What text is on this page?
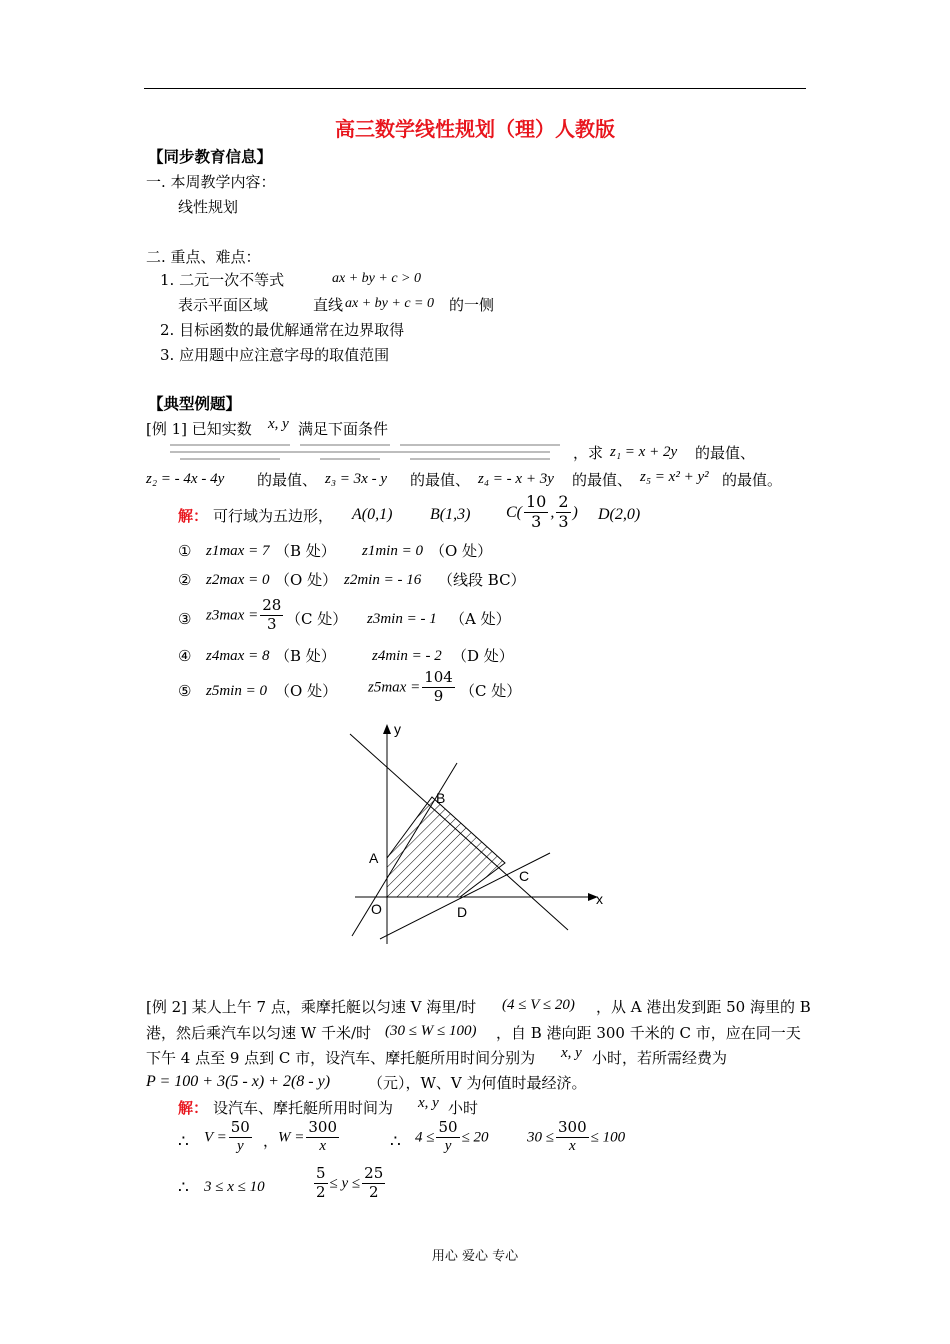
高三数学线性规划（理）人教版
【同步教育信息】
一. 本周教学内容：
线性规划
二. 重点、难点：
1. 二元一次不等式	ax + by + c > 0
表示平面区域	直线 ax + by + c = 0 的一侧
2. 目标函数的最优解通常在边界取得
3. 应用题中应注意字母的取值范围
【典型例题】
[例 1] 已知实数 x, y 满足下面条件
，求 z₁ = x + 2y 的最值、
z₂ = - 4x - 4y 的最值、 z₃ = 3x - y 的最值、 z₄ = - x + 3y 的最值、 z₅ = x² + y² 的最值。
解： 可行域为五边形， A(0,1) B(1,3) $C( \frac{10}{3}$ , $\frac{2}{3}$ ) D(2,0)
① z1max = 7 （B 处） z1min = 0 （O 处）
② z2max = 0 （O 处） z2min = - 16 （线段 BC）
③ $z3\max = \frac{28}{3} (C$ 处） z3min = - 1 （A 处）
④ z4max = 8 （B 处） z4min = - 2 （D 处）
⑤ z5min = 0 （O 处） $z5\max = \frac{104}{9} (C$ 处）
x
y
A
B
C
D
O
[例 2] 某人上午 7 点，乘摩托艇以匀速 V 海里/时 (4 ≤ V ≤ 20) ，从 A 港出发到距 50 海里的 B
港，然后乘汽车以匀速 W 千米/时 (30 ≤ W ≤ 100) ，自 B 港向距 300 千米的 C 市，应在同一天
下午 4 点至 9 点到 C 市，设汽车、摩托艇所用时间分别为 x, y 小时，若所需经费为
P = 100 + 3(5 - x) + 2(8 - y)	（元），W、V 为何值时最经济。
解： 设汽车、摩托艇所用时间为 x, y 小时
∴ $V = \frac{50}{y}$ ， $W = \frac{300}{x}$	∴ $4 \le \frac{50}{y} \le 20$	$30 \le \frac{300}{x} \le 100$
∴ 3 ≤ x ≤ 10	$\frac{5}{2} \le y \le \frac{25}{2}$
用心 爱心 专心
